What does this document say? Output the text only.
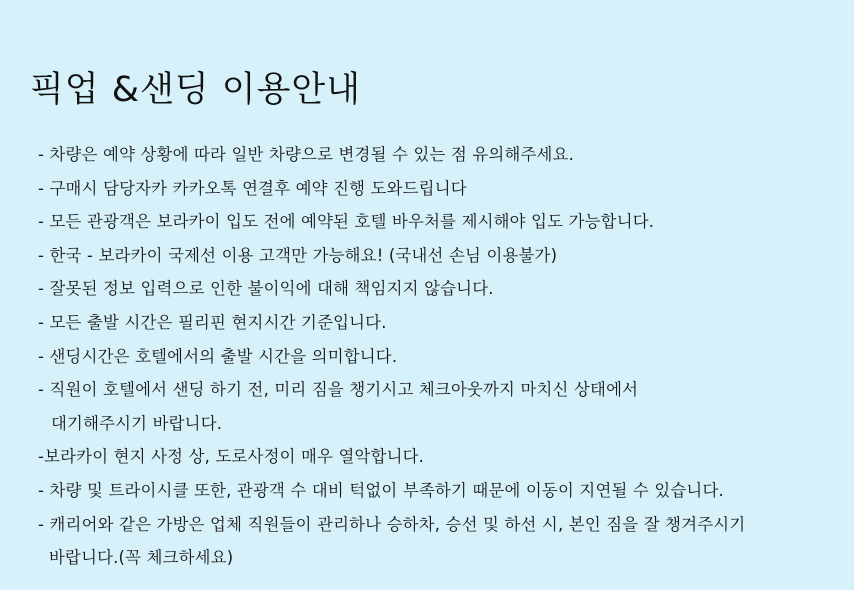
픽업 &샌딩 이용안내
- 차량은 예약 상황에 따라 일반 차량으로 변경될 수 있는 점 유의해주세요.
- 구매시 담당자카 카카오톡 연결후 예약 진행 도와드립니다
- 모든 관광객은 보라카이 입도 전에 예약된 호텔 바우처를 제시해야 입도 가능합니다.
- 한국 - 보라카이 국제선 이용 고객만 가능해요! (국내선 손님 이용불가)
- 잘못된 정보 입력으로 인한 불이익에 대해 책임지지 않습니다.
- 모든 출발 시간은 필리핀 현지시간 기준입니다.
- 샌딩시간은 호텔에서의 출발 시간을 의미합니다.
- 직원이 호텔에서 샌딩 하기 전, 미리 짐을 챙기시고 체크아웃까지 마치신 상태에서
대기해주시기 바랍니다.
-보라카이 현지 사정 상, 도로사정이 매우 열악합니다.
- 차량 및 트라이시클 또한, 관광객 수 대비 턱없이 부족하기 때문에 이동이 지연될 수 있습니다.
- 캐리어와 같은 가방은 업체 직원들이 관리하나 승하차, 승선 및 하선 시, 본인 짐을 잘 챙겨주시기
바랍니다.(꼭 체크하세요)
